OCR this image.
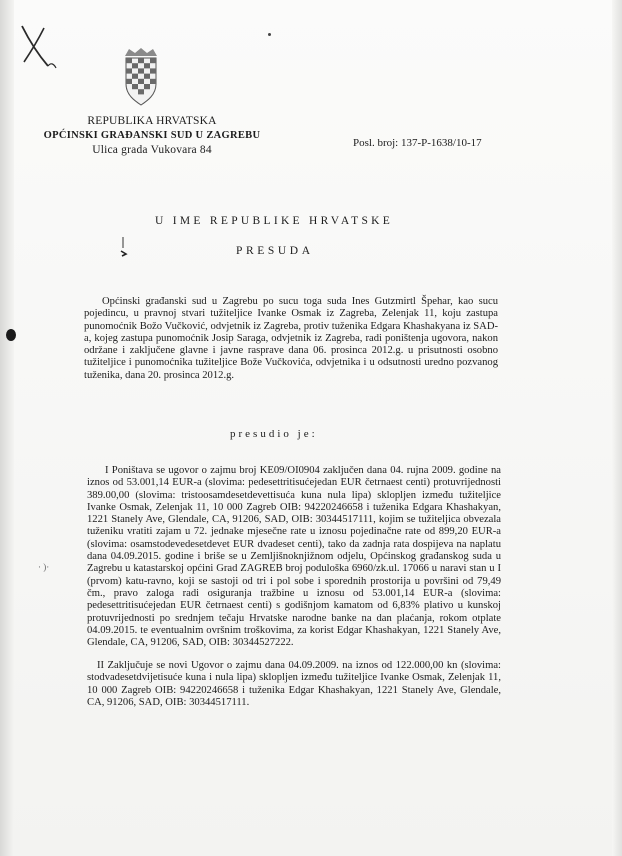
REPUBLIKA HRVATSKA
OPĆINSKI GRAĐANSKI SUD U ZAGREBU
Ulica grada Vukovara 84
Posl. broj: 137-P-1638/10-17
U IME REPUBLIKE HRVATSKE
PRESUDA
Općinski građanski sud u Zagrebu po sucu toga suda Ines Gutzmirtl Špehar, kao sucu pojedincu, u pravnoj stvari tužiteljice Ivanke Osmak iz Zagreba, Zelenjak 11, koju zastupa punomoćnik Božo Vučković, odvjetnik iz Zagreba, protiv tuženika Edgara Khashakyana iz SAD-a, kojeg zastupa punomoćnik Josip Saraga, odvjetnik iz Zagreba, radi poništenja ugovora, nakon održane i zaključene glavne i javne rasprave dana 06. prosinca 2012.g. u prisutnosti osobno tužiteljice i punomoćnika tužiteljice Bože Vučkovića, odvjetnika i u odsutnosti uredno pozvanog tuženika, dana 20. prosinca 2012.g.
presudio je:
· )·
I Poništava se ugovor o zajmu broj KE09/OI0904 zaključen dana 04. rujna 2009. godine na iznos od 53.001,14 EUR-a (slovima: pedesettritisućejedan EUR četrnaest centi) protuvrijednosti 389.00,00 (slovima: tristoosamdesetdevettisuća kuna nula lipa) sklopljen između tužiteljice Ivanke Osmak, Zelenjak 11, 10 000 Zagreb OIB: 94220246658 i tuženika Edgara Khashakyan, 1221 Stanely Ave, Glendale, CA, 91206, SAD, OIB: 30344517111, kojim se tužiteljica obvezala tuženiku vratiti zajam u 72. jednake mjesečne rate u iznosu pojedinačne rate od 899,20 EUR-a (slovima: osamstodevedesetdevet EUR dvadeset centi), tako da zadnja rata dospijeva na naplatu dana 04.09.2015. godine i briše se u Zemljišnoknjižnom odjelu, Općinskog građanskog suda u Zagrebu u katastarskoj općini Grad ZAGREB broj poduloška 6960/zk.ul. 17066 u naravi stan u I (prvom) katu-ravno, koji se sastoji od tri i pol sobe i sporednih prostorija u površini od 79,49 čm., pravo zaloga radi osiguranja tražbine u iznosu od 53.001,14 EUR-a (slovima: pedesettritisućejedan EUR četrnaest centi) s godišnjom kamatom od 6,83% plativo u kunskoj protuvrijednosti po srednjem tečaju Hrvatske narodne banke na dan plaćanja, rokom otplate 04.09.2015. te eventualnim ovršnim troškovima, za korist Edgar Khashakyan, 1221 Stanely Ave, Glendale, CA, 91206, SAD, OIB: 30344527222.
II Zaključuje se novi Ugovor o zajmu dana 04.09.2009. na iznos od 122.000,00 kn (slovima: stodvadesetdvijetisuće kuna i nula lipa) sklopljen između tužiteljice Ivanke Osmak, Zelenjak 11, 10 000 Zagreb OIB: 94220246658 i tuženika Edgar Khashakyan, 1221 Stanely Ave, Glendale, CA, 91206, SAD, OIB: 30344517111.
